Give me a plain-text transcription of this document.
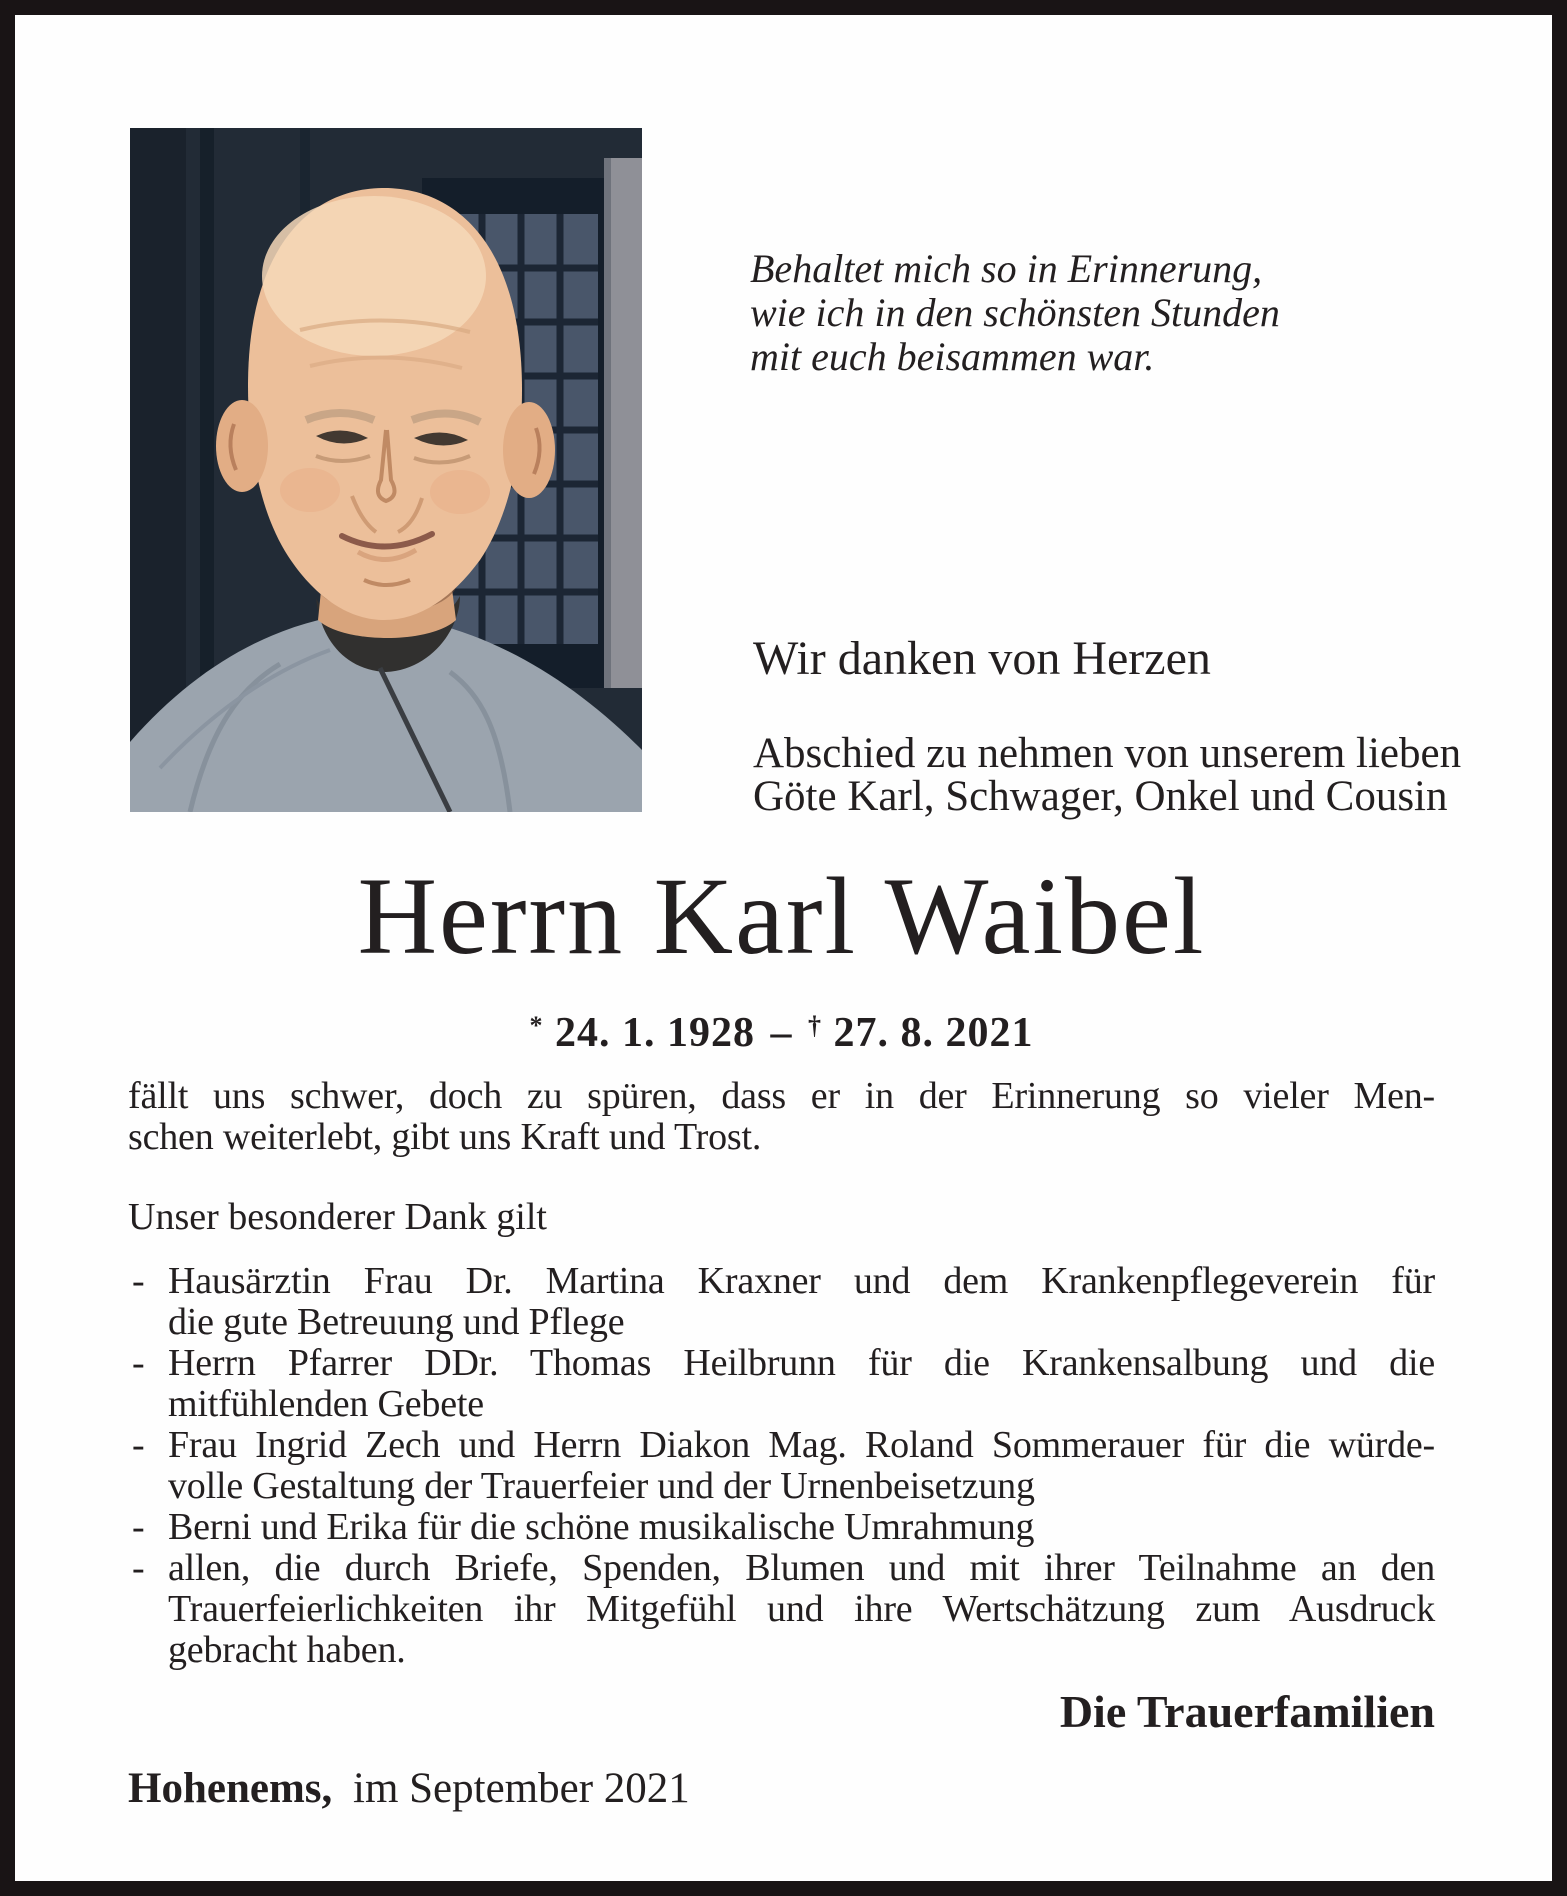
Behaltet mich so in Erinnerung,
wie ich in den schönsten Stunden
mit euch beisammen war.
Wir danken von Herzen
Abschied zu nehmen von unserem lieben
Göte Karl, Schwager, Onkel und Cousin
Herrn Karl Waibel
* 24. 1. 1928 – † 27. 8. 2021
fällt uns schwer, doch zu spüren, dass er in der Erinnerung so vieler Men-
schen weiterlebt, gibt uns Kraft und Trost.
Unser besonderer Dank gilt
- Hausärztin Frau Dr. Martina Kraxner und dem Krankenpflegeverein für
die gute Betreuung und Pflege
- Herrn Pfarrer DDr. Thomas Heilbrunn für die Krankensalbung und die
mitfühlenden Gebete
- Frau Ingrid Zech und Herrn Diakon Mag. Roland Sommerauer für die würde-
volle Gestaltung der Trauerfeier und der Urnenbeisetzung
- Berni und Erika für die schöne musikalische Umrahmung
- allen, die durch Briefe, Spenden, Blumen und mit ihrer Teilnahme an den
Trauerfeierlichkeiten ihr Mitgefühl und ihre Wertschätzung zum Ausdruck
gebracht haben.
Die Trauerfamilien
Hohenems, im September 2021
